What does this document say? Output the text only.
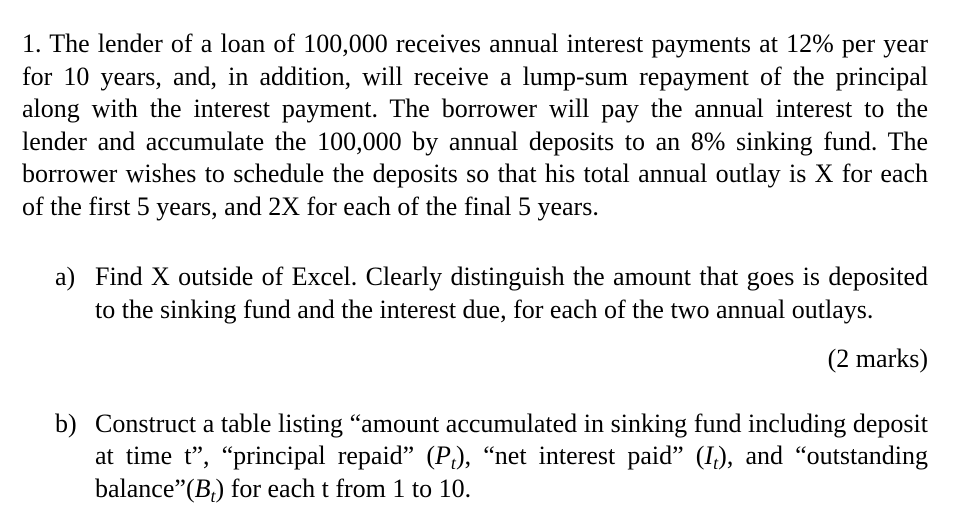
1. The lender of a loan of 100,000 receives annual interest payments at 12% per year for 10 years, and, in addition, will receive a lump-sum repayment of the principal along with the interest payment. The borrower will pay the annual interest to the lender and accumulate the 100,000 by annual deposits to an 8% sinking fund. The borrower wishes to schedule the deposits so that his total annual outlay is X for each of the first 5 years, and 2X for each of the final 5 years.

a) Find X outside of Excel. Clearly distinguish the amount that goes is deposited to the sinking fund and the interest due, for each of the two annual outlays.
(2 marks)
b) Construct a table listing “amount accumulated in sinking fund including deposit at time t”, “principal repaid” $(P_t)$, “net interest paid” $(I_t)$, and “outstanding $balance”(B_t)$ for each t from 1 to 10.
